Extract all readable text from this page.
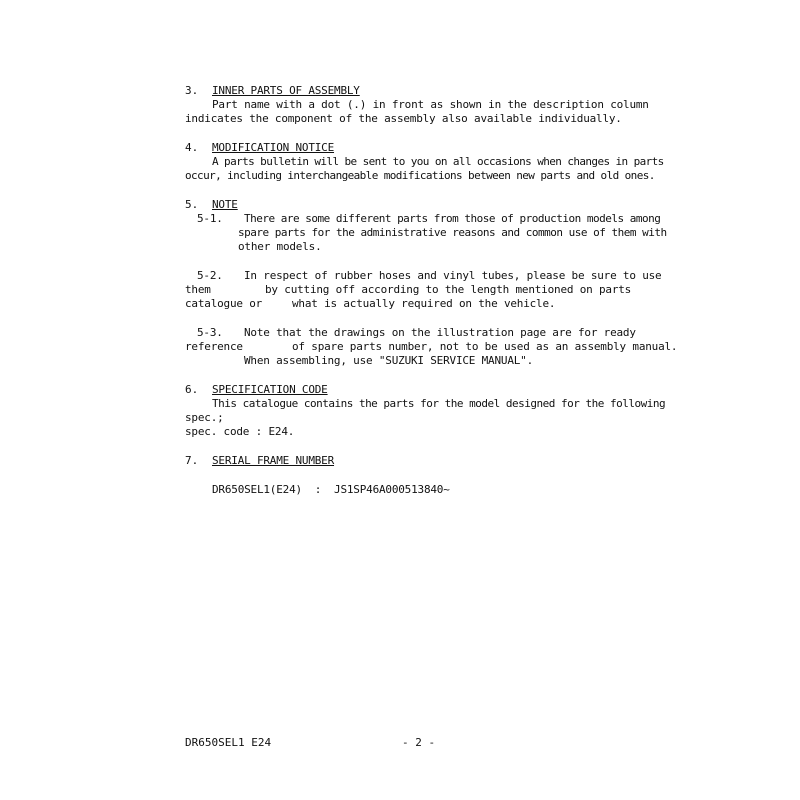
3. INNER PARTS OF ASSEMBLY
Part name with a dot (.) in front as shown in the description column
indicates the component of the assembly also available individually.
4. MODIFICATION NOTICE
A parts bulletin will be sent to you on all occasions when changes in parts
occur, including interchangeable modifications between new parts and old ones.
5. NOTE
5-1. There are some different parts from those of production models among
spare parts for the administrative reasons and common use of them with
other models.
5-2. In respect of rubber hoses and vinyl tubes, please be sure to use
them	by cutting off according to the length mentioned on parts
catalogue or	what is actually required on the vehicle.
5-3. Note that the drawings on the illustration page are for ready
reference	of spare parts number, not to be used as an assembly manual.
When assembling, use "SUZUKI SERVICE MANUAL".
6. SPECIFICATION CODE
This catalogue contains the parts for the model designed for the following
spec.;
spec. code : E24.
7. SERIAL FRAME NUMBER
DR650SEL1(E24)  :  JS1SP46A000513840~
DR650SEL1 E24	- 2 -
